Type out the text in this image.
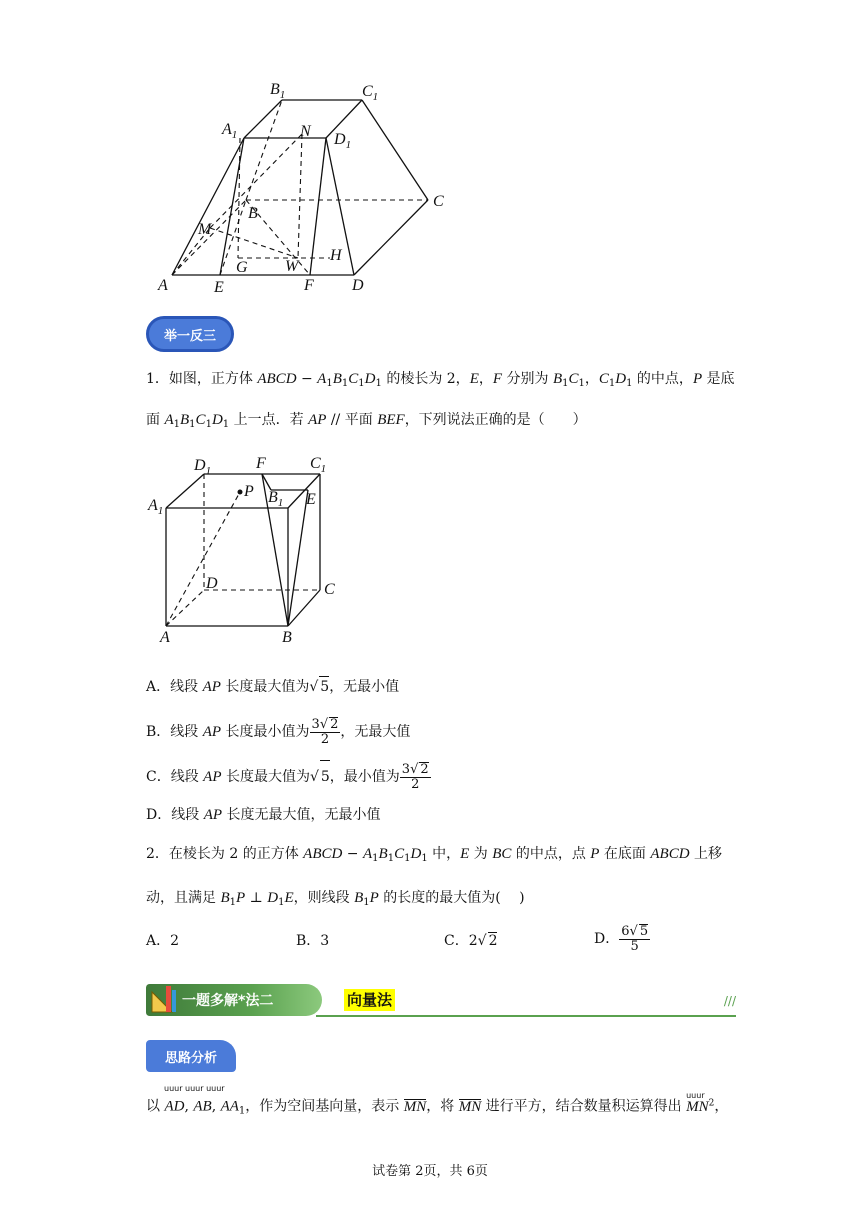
$B_1$	$C_1$
$A_1$	N $D_1$
B
C
M
G W
H
A	E	F D
举一反三
1．如图，正方体 ABCD − $A_1B_1C_1D_1$ 的棱长为 2，E，F 分别为 $B_1C_1$，$C_1D_1$ 的中点，P 是底
面 $A_1B_1C_1D_1$ 上一点．若 AP // 平面 BEF，下列说法正确的是（　　）
$D_1$	F	$C_1$
$A_1$
P $B_1$ E
D	C
A	B
A．线段 AP 长度最大值为√ 5，无最小值
B．线段 AP 长度最小值为 $\frac{3√ 2}{2}$ ，无最大值
C．线段 AP 长度最大值为√ 5，最小值为 $\frac{3√ 2}{2}$
D．线段 AP 长度无最大值，无最小值
2．在棱长为 2 的正方体 ABCD − $A_1B_1C_1D_1$ 中，E 为 BC 的中点，点 P 在底面 ABCD 上移
动，且满足 $B_1P$ ⊥ $D_1E$，则线段 $B_1P$ 的长度的最大值为(　 )
A．2	B．3	C．2√ 2	D． $\frac{6√ 5}{5}$
一题多解*法二	向量法	///
思路分析
uuur uuur uuur
以 AD, AB, $AA_1$，作为空间基向量，表示 MN，将 MN 进行平方，结合数量积运算得出
uuur
$MN^2$，
试卷第 2页，共 6页
